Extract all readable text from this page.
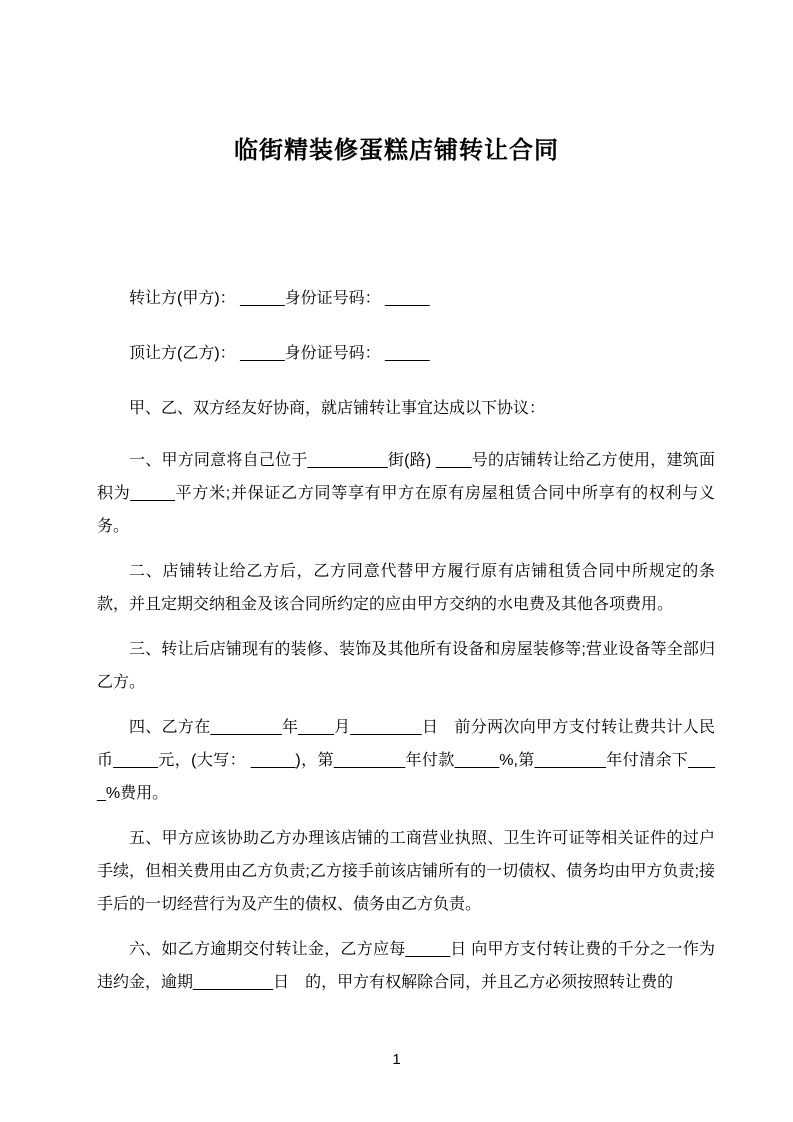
临街精装修蛋糕店铺转让合同

转让方(甲方)： _____身份证号码： _____

顶让方(乙方)： _____身份证号码： _____

甲、乙、双方经友好协商，就店铺转让事宜达成以下协议：

一、甲方同意将自己位于_________街(路) ____号的店铺转让给乙方使用，建筑面积为_____平方米;并保证乙方同等享有甲方在原有房屋租赁合同中所享有的权利与义务。

二、店铺转让给乙方后，乙方同意代替甲方履行原有店铺租赁合同中所规定的条款，并且定期交纳租金及该合同所约定的应由甲方交纳的水电费及其他各项费用。

三、转让后店铺现有的装修、装饰及其他所有设备和房屋装修等;营业设备等全部归乙方。

四、乙方在________年____月________日　前分两次向甲方支付转让费共计人民币_____元，(大写： _____)，第________年付款_____%,第________年付清余下____%费用。

五、甲方应该协助乙方办理该店铺的工商营业执照、卫生许可证等相关证件的过户手续，但相关费用由乙方负责;乙方接手前该店铺所有的一切债权、债务均由甲方负责;接手后的一切经营行为及产生的债权、债务由乙方负责。

六、如乙方逾期交付转让金，乙方应每_____日 向甲方支付转让费的千分之一作为违约金，逾期_________日　的，甲方有权解除合同，并且乙方必须按照转让费的

1
